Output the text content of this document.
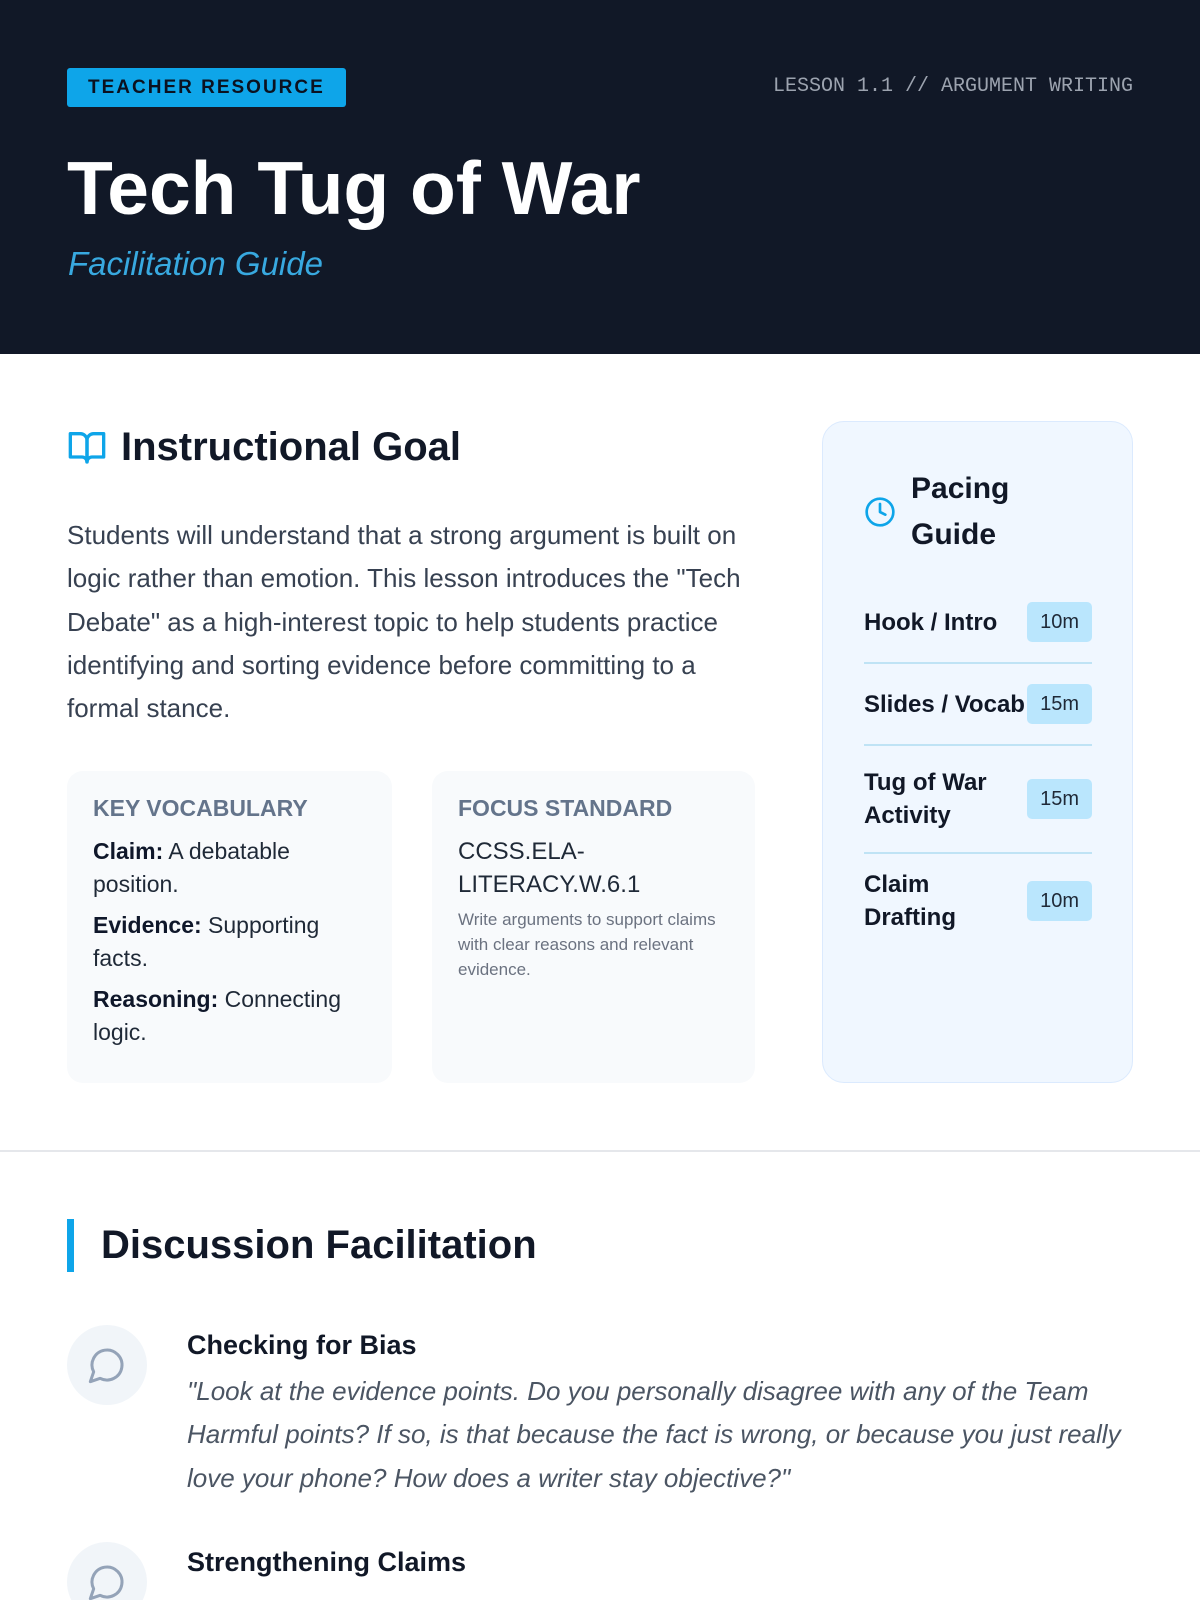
TEACHER RESOURCE	LESSON 1.1 // ARGUMENT WRITING
Tech Tug of War
Facilitation Guide
Instructional Goal

Students will understand that a strong argument is built on logic rather than emotion. This lesson introduces the "Tech Debate" as a high-interest topic to help students practice identifying and sorting evidence before committing to a formal stance.

KEY VOCABULARY
Claim: A debatable position.
Evidence: Supporting facts.
Reasoning: Connecting logic.
FOCUS STANDARD
CCSS.ELA-LITERACY.W.6.1
Write arguments to support claims with clear reasons and relevant evidence.
Pacing Guide
Hook / Intro	10m
Slides / Vocab 15m
Tug of War Activity
15m
Claim Drafting
10m
Discussion Facilitation
Checking for Bias
"Look at the evidence points. Do you personally disagree with any of the Team Harmful points? If so, is that because the fact is wrong, or because you just really love your phone? How does a writer stay objective?"
Strengthening Claims
